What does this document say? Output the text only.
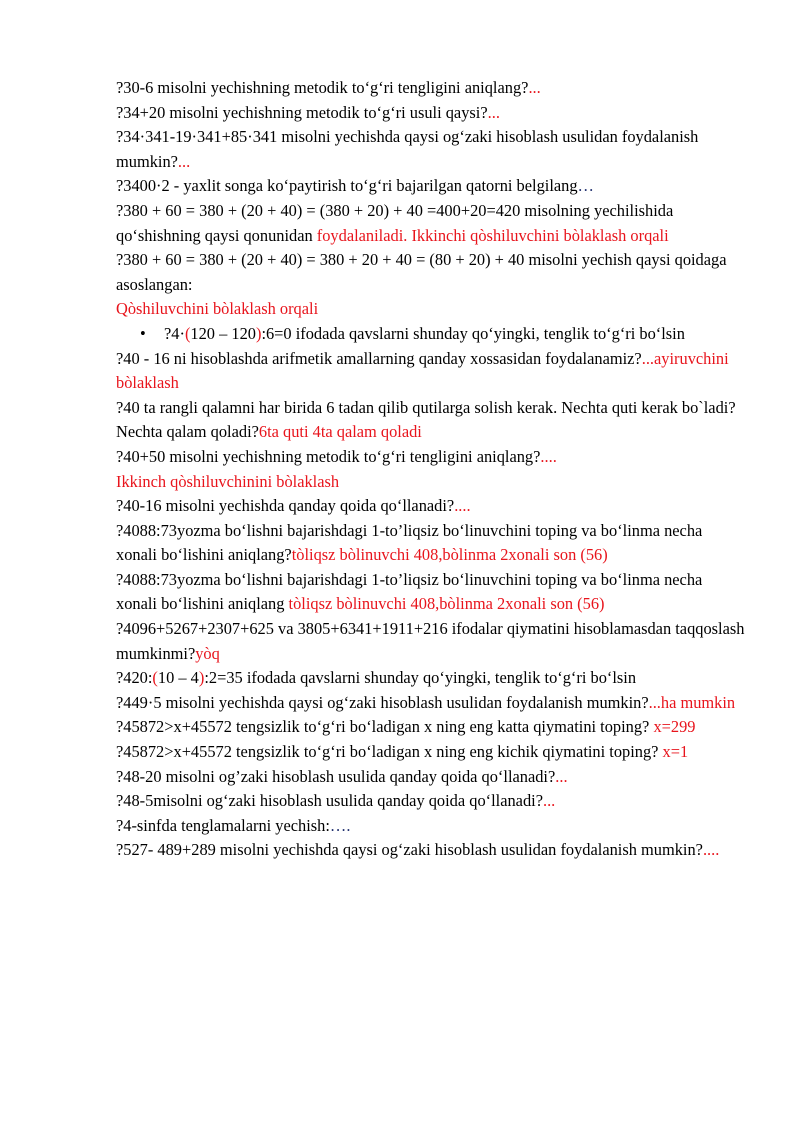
?30-6 misolni yechishning metodik to‘g‘ri tengligini aniqlang?...

?34+20 misolni yechishning metodik to‘g‘ri usuli qaysi?...

?34·341-19·341+85·341 misolni yechishda qaysi og‘zaki hisoblash usulidan foydalanish mumkin?...

?3400·2 - yaxlit songa ko‘paytirish to‘g‘ri bajarilgan qatorni belgilang…

?380 + 60 = 380 + (20 + 40) = (380 + 20) + 40 =400+20=420 misolning yechilishida qo‘shishning qaysi qonunidan foydalaniladi. Ikkinchi qòshiluvchini bòlaklash orqali

?380 + 60 = 380 + (20 + 40) = 380 + 20 + 40 = (80 + 20) + 40 misolni yechish qaysi qoidaga asoslangan:

Qòshiluvchini bòlaklash orqali

• ?4·(120 – 120):6=0 ifodada qavslarni shunday qo‘yingki, tenglik to‘g‘ri bo‘lsin

?40 - 16 ni hisoblashda arifmetik amallarning qanday xossasidan foydalanamiz?...ayiruvchini bòlaklash

?40 ta rangli qalamni har birida 6 tadan qilib qutilarga solish kerak. Nechta quti kerak bo`ladi? Nechta qalam qoladi?6ta quti 4ta qalam qoladi

?40+50 misolni yechishning metodik to‘g‘ri tengligini aniqlang?....

Ikkinch qòshiluvchinini bòlaklash

?40-16 misolni yechishda qanday qoida qo‘llanadi?....

?4088:73yozma bo‘lishni bajarishdagi 1-to’liqsiz bo‘linuvchini toping va bo‘linma necha xonali bo‘lishini aniqlang?tòliqsz bòlinuvchi 408,bòlinma 2xonali son (56)

?4088:73yozma bo‘lishni bajarishdagi 1-to’liqsiz bo‘linuvchini toping va bo‘linma necha xonali bo‘lishini aniqlang tòliqsz bòlinuvchi 408,bòlinma 2xonali son (56)

?4096+5267+2307+625 va 3805+6341+1911+216 ifodalar qiymatini hisoblamasdan taqqoslash mumkinmi?yòq

?420:(10 – 4):2=35 ifodada qavslarni shunday qo‘yingki, tenglik to‘g‘ri bo‘lsin

?449·5 misolni yechishda qaysi og‘zaki hisoblash usulidan foydalanish mumkin?...ha mumkin

?45872>x+45572 tengsizlik to‘g‘ri bo‘ladigan x ning eng katta qiymatini toping? x=299

?45872>x+45572 tengsizlik to‘g‘ri bo‘ladigan x ning eng kichik qiymatini toping? x=1

?48-20 misolni og’zaki hisoblash usulida qanday qoida qo‘llanadi?...

?48-5misolni og‘zaki hisoblash usulida qanday qoida qo‘llanadi?...

?4-sinfda tenglamalarni yechish:….

?527- 489+289 misolni yechishda qaysi og‘zaki hisoblash usulidan foydalanish mumkin?....
